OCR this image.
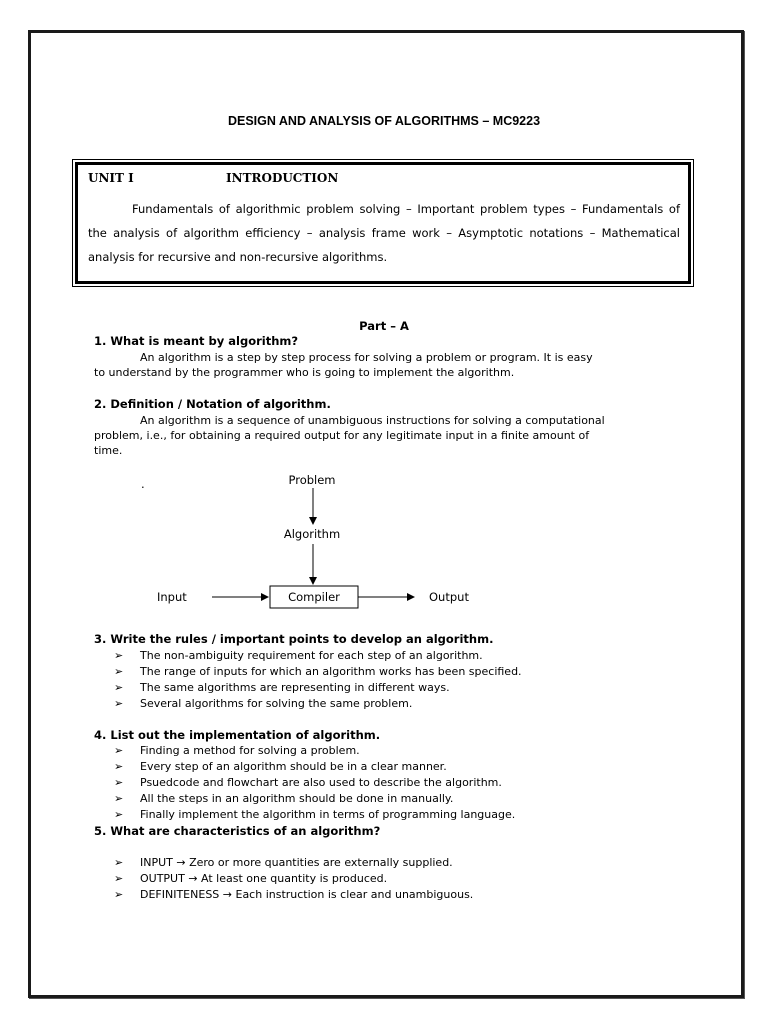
DESIGN AND ANALYSIS OF ALGORITHMS – MC9223
UNIT I	INTRODUCTION
Fundamentals of algorithmic problem solving – Important problem types – Fundamentals of the analysis of algorithm efficiency – analysis frame work – Asymptotic notations – Mathematical analysis for recursive and non-recursive algorithms.
Part – A
1. What is meant by algorithm?
An algorithm is a step by step process for solving a problem or program. It is easy
to understand by the programmer who is going to implement the algorithm.
2. Definition / Notation of algorithm.
An algorithm is a sequence of unambiguous instructions for solving a computational
problem, i.e., for obtaining a required output for any legitimate input in a finite amount of
time.
.	Problem
Algorithm
Input	Compiler	Output
3. Write the rules / important points to develop an algorithm.
➢ The non-ambiguity requirement for each step of an algorithm.
➢ The range of inputs for which an algorithm works has been specified.
➢ The same algorithms are representing in different ways.
➢ Several algorithms for solving the same problem.
4. List out the implementation of algorithm.
➢ Finding a method for solving a problem.
➢ Every step of an algorithm should be in a clear manner.
➢ Psuedcode and flowchart are also used to describe the algorithm.
➢ All the steps in an algorithm should be done in manually.
➢ Finally implement the algorithm in terms of programming language.
5. What are characteristics of an algorithm?
➢ INPUT → Zero or more quantities are externally supplied.
➢ OUTPUT → At least one quantity is produced.
➢ DEFINITENESS → Each instruction is clear and unambiguous.
